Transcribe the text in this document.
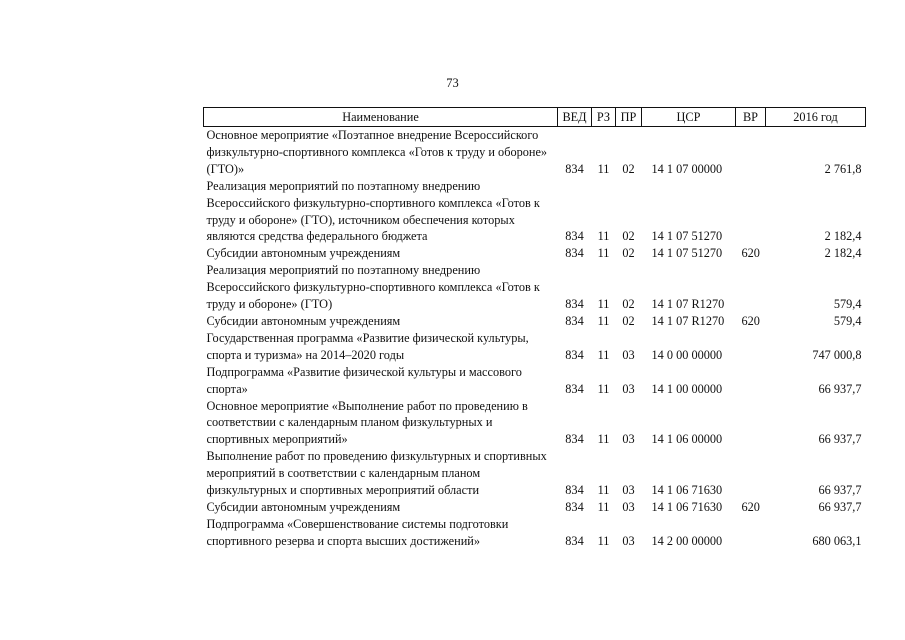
73
Наименование	ВЕД	РЗ	ПР	ЦСР	ВР	2016 год
Основное мероприятие «Поэтапное внедрение Всероссийского физкультурно-спортивного комплекса «Готов к труду и обороне» (ГТО)»	834	11	02	14 1 07 00000		2 761,8
Реализация мероприятий по поэтапному внедрению Всероссийского физкультурно-спортивного комплекса «Готов к труду и обороне» (ГТО), источником обеспечения которых являются средства федерального бюджета	834	11	02	14 1 07 51270		2 182,4
Субсидии автономным учреждениям	834	11	02	14 1 07 51270	620	2 182,4
Реализация мероприятий по поэтапному внедрению Всероссийского физкультурно-спортивного комплекса «Готов к труду и обороне» (ГТО)	834	11	02	14 1 07 R1270		579,4
Субсидии автономным учреждениям	834	11	02	14 1 07 R1270	620	579,4
Государственная программа «Развитие физической культуры, спорта и туризма» на 2014–2020 годы	834	11	03	14 0 00 00000		747 000,8
Подпрограмма «Развитие физической культуры и массового спорта»	834	11	03	14 1 00 00000		66 937,7
Основное мероприятие «Выполнение работ по проведению в соответствии с календарным планом физкультурных и спортивных мероприятий»	834	11	03	14 1 06 00000		66 937,7
Выполнение работ по проведению физкультурных и спортивных мероприятий в соответствии с календарным планом физкультурных и спортивных мероприятий области	834	11	03	14 1 06 71630		66 937,7
Субсидии автономным учреждениям	834	11	03	14 1 06 71630	620	66 937,7
Подпрограмма «Совершенствование системы подготовки спортивного резерва и спорта высших достижений»	834	11	03	14 2 00 00000		680 063,1
